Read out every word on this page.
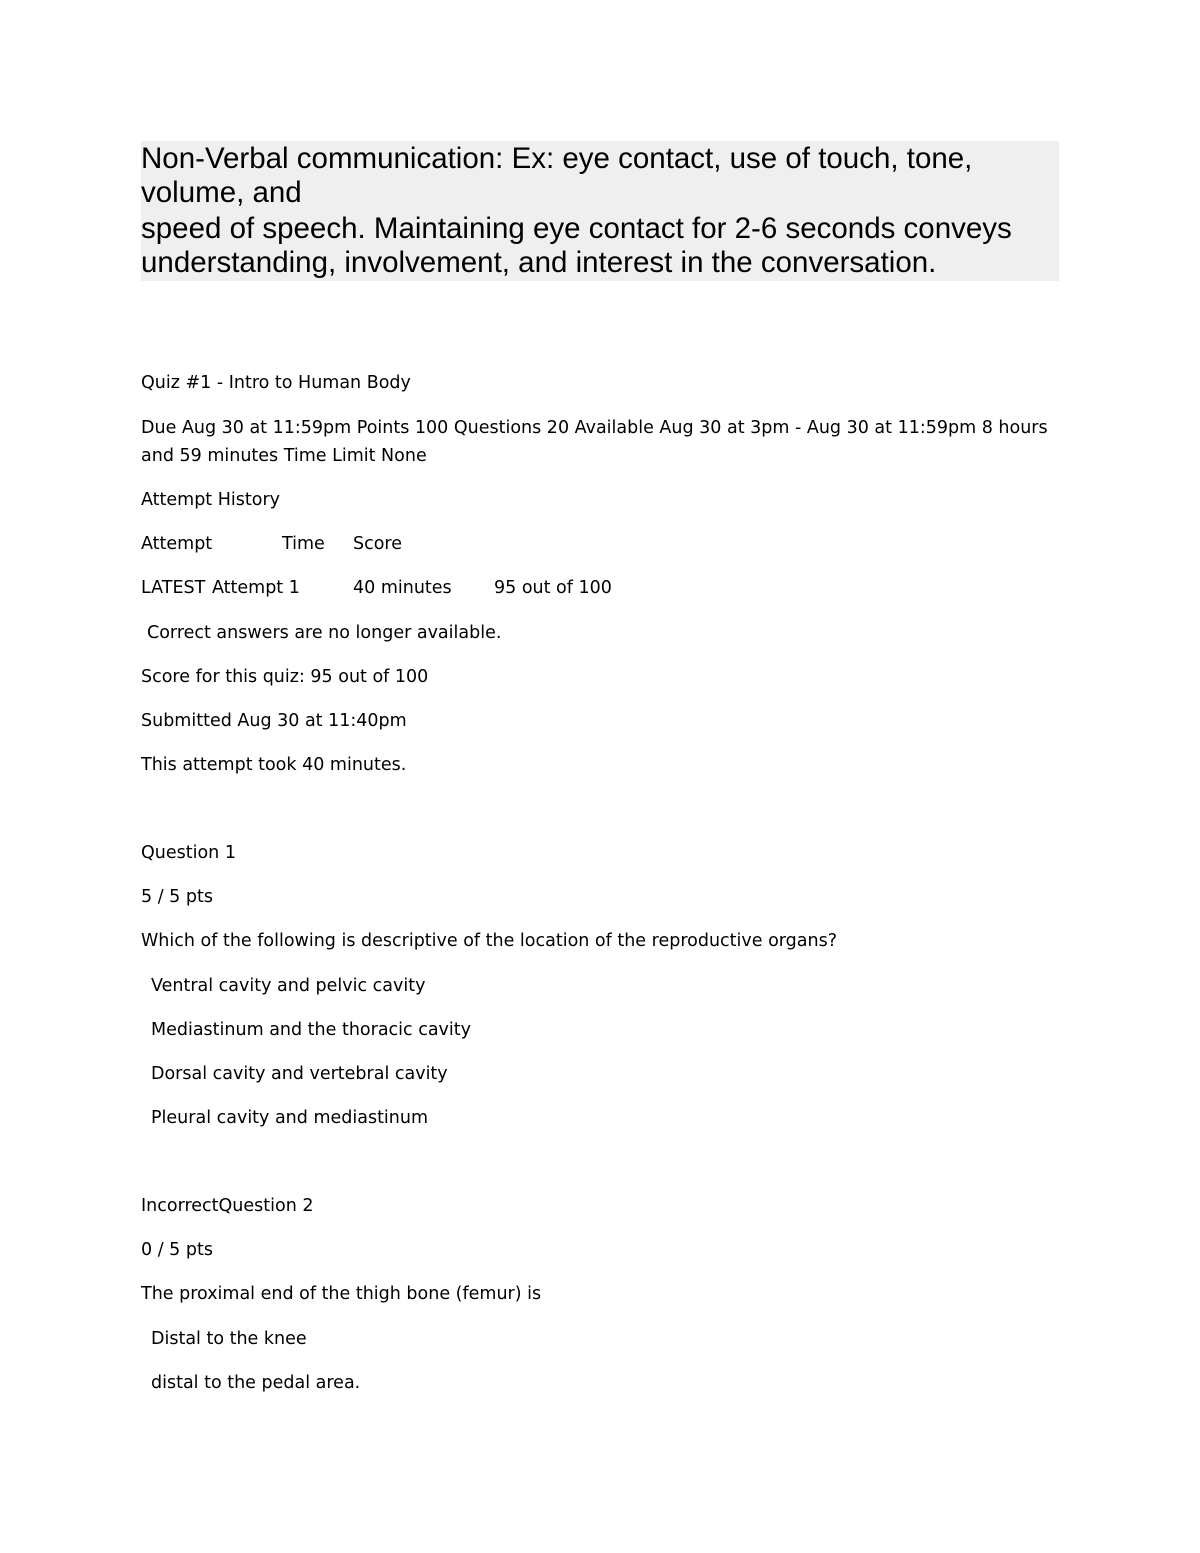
Non-Verbal communication: Ex: eye contact, use of touch, tone,
volume, and
speed of speech. Maintaining eye contact for 2-6 seconds conveys
understanding, involvement, and interest in the conversation.
Quiz #1 - Intro to Human Body
Due Aug 30 at 11:59pm Points 100 Questions 20 Available Aug 30 at 3pm - Aug 30 at 11:59pm 8 hours
and 59 minutes Time Limit None
Attempt History
Attempt	Time Score
LATEST Attempt 1	40 minutes 95 out of 100
Correct answers are no longer available.
Score for this quiz: 95 out of 100
Submitted Aug 30 at 11:40pm
This attempt took 40 minutes.
Question 1
5 / 5 pts
Which of the following is descriptive of the location of the reproductive organs?
Ventral cavity and pelvic cavity
Mediastinum and the thoracic cavity
Dorsal cavity and vertebral cavity
Pleural cavity and mediastinum
IncorrectQuestion 2
0 / 5 pts
The proximal end of the thigh bone (femur) is
Distal to the knee
distal to the pedal area.
